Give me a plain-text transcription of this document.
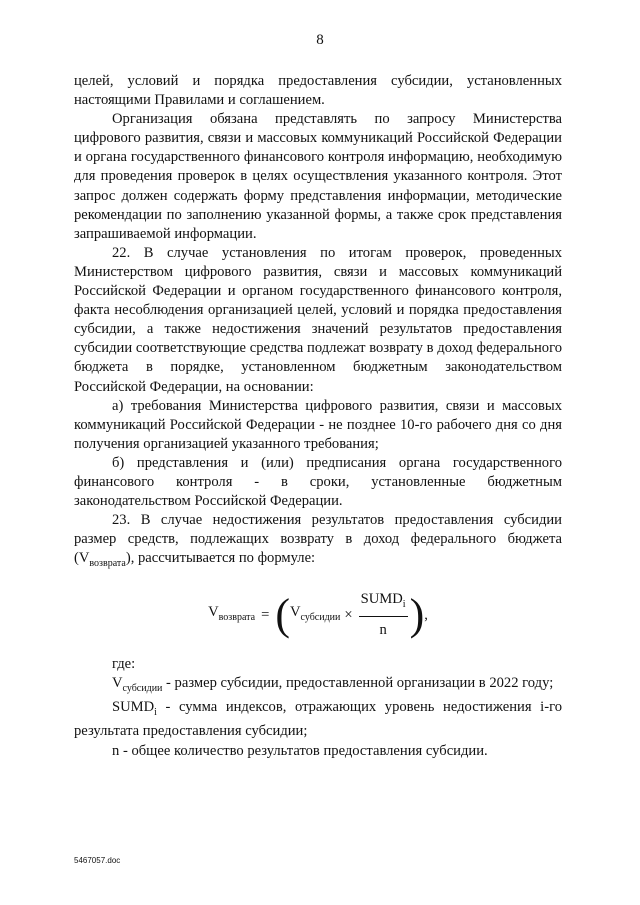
8

целей, условий и порядка предоставления субсидии, установленных настоящими Правилами и соглашением.

Организация обязана представлять по запросу Министерства цифрового развития, связи и массовых коммуникаций Российской Федерации и органа государственного финансового контроля информацию, необходимую для проведения проверок в целях осуществления указанного контроля. Этот запрос должен содержать форму представления информации, методические рекомендации по заполнению указанной формы, а также срок представления запрашиваемой информации.

22. В случае установления по итогам проверок, проведенных Министерством цифрового развития, связи и массовых коммуникаций Российской Федерации и органом государственного финансового контроля, факта несоблюдения организацией целей, условий и порядка предоставления субсидии, а также недостижения значений результатов предоставления субсидии соответствующие средства подлежат возврату в доход федерального бюджета в порядке, установленном бюджетным законодательством Российской Федерации, на основании:

а) требования Министерства цифрового развития, связи и массовых коммуникаций Российской Федерации - не позднее 10-го рабочего дня со дня получения организацией указанного требования;

б) представления и (или) предписания органа государственного финансового контроля - в сроки, установленные бюджетным законодательством Российской Федерации.

23. В случае недостижения результатов предоставления субсидии размер средств, подлежащих возврату в доход федерального бюджета $(V_{возврата})$, рассчитывается по формуле:

$V_{возврата}$ = ( $V_{субсидии} \times \frac{SUMD_i}{n}$ ) ,

где:

$V_{субсидии}$ - размер субсидии, предоставленной организации в 2022 году;

$SUMD_i$ - сумма индексов, отражающих уровень недостижения i-го результата предоставления субсидии;

n - общее количество результатов предоставления субсидии.

5467057.doc
